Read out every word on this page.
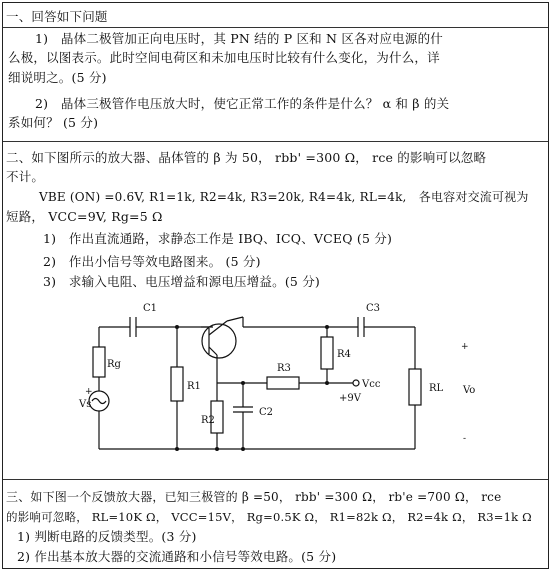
一、回答如下问题
1)　晶体二极管加正向电压时，其 PN 结的 P 区和 N 区各对应电源的什
么极，以图表示。此时空间电荷区和未加电压时比较有什么变化，为什么，详
细说明之。(5 分)
2)　晶体三极管作电压放大时，使它正常工作的条件是什么？ α 和 β 的关
系如何？ (5 分)
二、如下图所示的放大器、晶体管的 β 为 50， rbb' =300 Ω， rce 的影响可以忽略
不计。
VBE (ON) =0.6V, R1=1k, R2=4k, R3=20k, R4=4k, RL=4k,　各电容对交流可视为
短路， VCC=9V, Rg=5 Ω
1)　作出直流通路，求静态工作是 IBQ、ICQ、VCEQ (5 分)
2)　作出小信号等效电路图来。 (5 分)
3)　求输入电阻、电压增益和源电压增益。(5 分)
C1	C3
Rg
Vs
+	R1
R2
C2
R3
R4
Vcc
+9V
RL
+
Vo
-
三、如下图一个反馈放大器，已知三极管的 β =50， rbb' =300 Ω， rb'e =700 Ω， rce
的影响可忽略， RL=10K Ω， VCC=15V， Rg=0.5K Ω， R1=82k Ω， R2=4k Ω， R3=1k Ω
1) 判断电路的反馈类型。(3 分)
2) 作出基本放大器的交流通路和小信号等效电路。(5 分)
